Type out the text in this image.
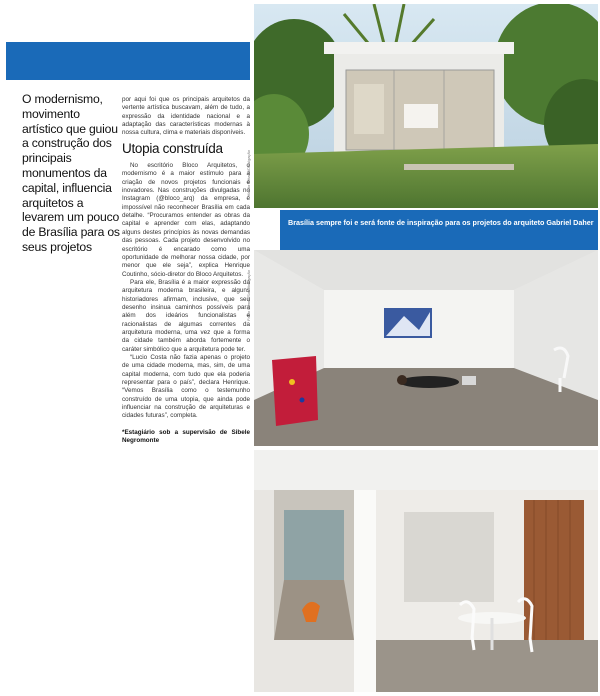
O modernismo, movimento artístico que guiou a construção dos principais monumentos da capital, influencia arquitetos a levarem um pouco de Brasília para os seus projetos

por aqui foi que os principais arquitetos da vertente artística buscavam, além de tudo, a expressão da identidade nacional e a adaptação das características modernas à nossa cultura, clima e materiais disponíveis.

Utopia construída

No escritório Bloco Arquitetos, o modernismo é a maior estímulo para a criação de novos projetos funcionais e inovadores. Nas construções divulgadas no Instagram (@bloco_arq) da empresa, é impossível não reconhecer Brasília em cada detalhe. “Procuramos entender as obras da capital e aprender com elas, adaptando alguns destes princípios às novas demandas das pessoas. Cada projeto desenvolvido no escritório é encarado como uma oportunidade de melhorar nossa cidade, por menor que ele seja”, explica Henrique Coutinho, sócio-diretor do Bloco Arquitetos.

Para ele, Brasília é a maior expressão da arquitetura moderna brasileira, e alguns historiadores afirmam, inclusive, que seu desenho insinua caminhos possíveis para além dos ideários funcionalistas e racionalistas de algumas correntes da arquitetura moderna, uma vez que a forma da cidade também aborda fortemente o caráter simbólico que a arquitetura pode ter.

“Lucio Costa não fazia apenas o projeto de uma cidade moderna, mas, sim, de uma capital moderna, com tudo que ela poderia representar para o país”, declara Henrique. “Vemos Brasília como o testemunho construído de uma utopia, que ainda pode influenciar na construção de arquiteturas e cidades futuras”, completa.

*Estagiário sob a supervisão de Sibele Negromonte

Marcio Britaria/Divulgação
Brasília sempre foi e será fonte de inspiração para os projetos do arquiteto Gabriel Daher
Fabio Lames/Sol/Divulgação
